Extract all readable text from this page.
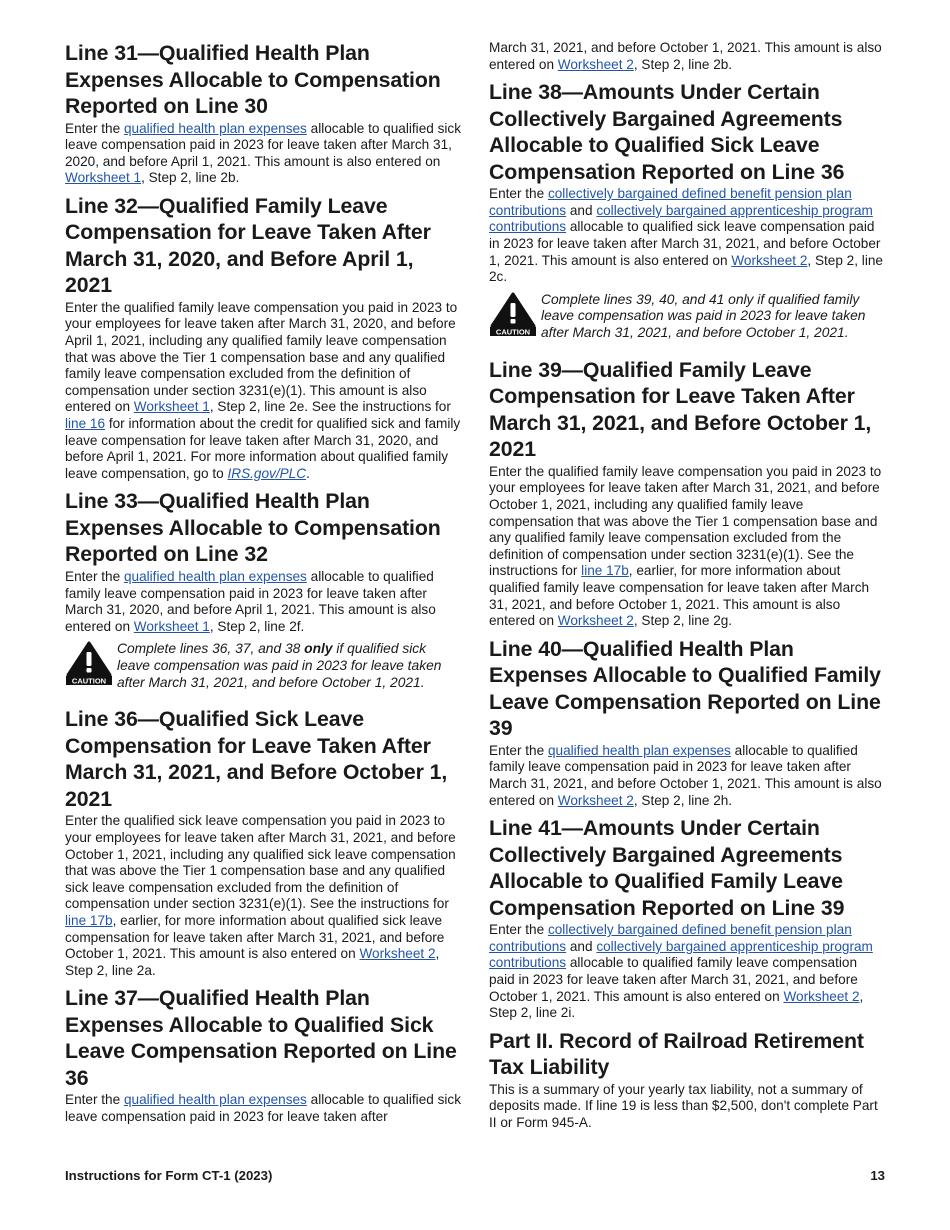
Line 31—Qualified Health Plan Expenses Allocable to Compensation Reported on Line 30

Enter the qualified health plan expenses allocable to qualified sick leave compensation paid in 2023 for leave taken after March 31, 2020, and before April 1, 2021. This amount is also entered on Worksheet 1, Step 2, line 2b.

Line 32—Qualified Family Leave Compensation for Leave Taken After March 31, 2020, and Before April 1, 2021

Enter the qualified family leave compensation you paid in 2023 to your employees for leave taken after March 31, 2020, and before April 1, 2021, including any qualified family leave compensation that was above the Tier 1 compensation base and any qualified family leave compensation excluded from the definition of compensation under section 3231(e)(1). This amount is also entered on Worksheet 1, Step 2, line 2e. See the instructions for line 16 for information about the credit for qualified sick and family leave compensation for leave taken after March 31, 2020, and before April 1, 2021. For more information about qualified family leave compensation, go to IRS.gov/PLC.

Line 33—Qualified Health Plan Expenses Allocable to Compensation Reported on Line 32

Enter the qualified health plan expenses allocable to qualified family leave compensation paid in 2023 for leave taken after March 31, 2020, and before April 1, 2021. This amount is also entered on Worksheet 1, Step 2, line 2f.

CAUTION
Complete lines 36, 37, and 38 only if qualified sick leave compensation was paid in 2023 for leave taken after March 31, 2021, and before October 1, 2021.
Line 36—Qualified Sick Leave Compensation for Leave Taken After March 31, 2021, and Before October 1, 2021

Enter the qualified sick leave compensation you paid in 2023 to your employees for leave taken after March 31, 2021, and before October 1, 2021, including any qualified sick leave compensation that was above the Tier 1 compensation base and any qualified sick leave compensation excluded from the definition of compensation under section 3231(e)(1). See the instructions for line 17b, earlier, for more information about qualified sick leave compensation for leave taken after March 31, 2021, and before October 1, 2021. This amount is also entered on Worksheet 2, Step 2, line 2a.

Line 37—Qualified Health Plan Expenses Allocable to Qualified Sick Leave Compensation Reported on Line 36

Enter the qualified health plan expenses allocable to qualified sick leave compensation paid in 2023 for leave taken after

March 31, 2021, and before October 1, 2021. This amount is also entered on Worksheet 2, Step 2, line 2b.

Line 38—Amounts Under Certain Collectively Bargained Agreements Allocable to Qualified Sick Leave Compensation Reported on Line 36

Enter the collectively bargained defined benefit pension plan contributions and collectively bargained apprenticeship program contributions allocable to qualified sick leave compensation paid in 2023 for leave taken after March 31, 2021, and before October 1, 2021. This amount is also entered on Worksheet 2, Step 2, line 2c.

CAUTION
Complete lines 39, 40, and 41 only if qualified family leave compensation was paid in 2023 for leave taken after March 31, 2021, and before October 1, 2021.
Line 39—Qualified Family Leave Compensation for Leave Taken After March 31, 2021, and Before October 1, 2021

Enter the qualified family leave compensation you paid in 2023 to your employees for leave taken after March 31, 2021, and before October 1, 2021, including any qualified family leave compensation that was above the Tier 1 compensation base and any qualified family leave compensation excluded from the definition of compensation under section 3231(e)(1). See the instructions for line 17b, earlier, for more information about qualified family leave compensation for leave taken after March 31, 2021, and before October 1, 2021. This amount is also entered on Worksheet 2, Step 2, line 2g.

Line 40—Qualified Health Plan Expenses Allocable to Qualified Family Leave Compensation Reported on Line 39

Enter the qualified health plan expenses allocable to qualified family leave compensation paid in 2023 for leave taken after March 31, 2021, and before October 1, 2021. This amount is also entered on Worksheet 2, Step 2, line 2h.

Line 41—Amounts Under Certain Collectively Bargained Agreements Allocable to Qualified Family Leave Compensation Reported on Line 39

Enter the collectively bargained defined benefit pension plan contributions and collectively bargained apprenticeship program contributions allocable to qualified family leave compensation paid in 2023 for leave taken after March 31, 2021, and before October 1, 2021. This amount is also entered on Worksheet 2, Step 2, line 2i.

Part II. Record of Railroad Retirement Tax Liability

This is a summary of your yearly tax liability, not a summary of deposits made. If line 19 is less than $2,500, don't complete Part II or Form 945-A.

Instructions for Form CT-1 (2023)	13
